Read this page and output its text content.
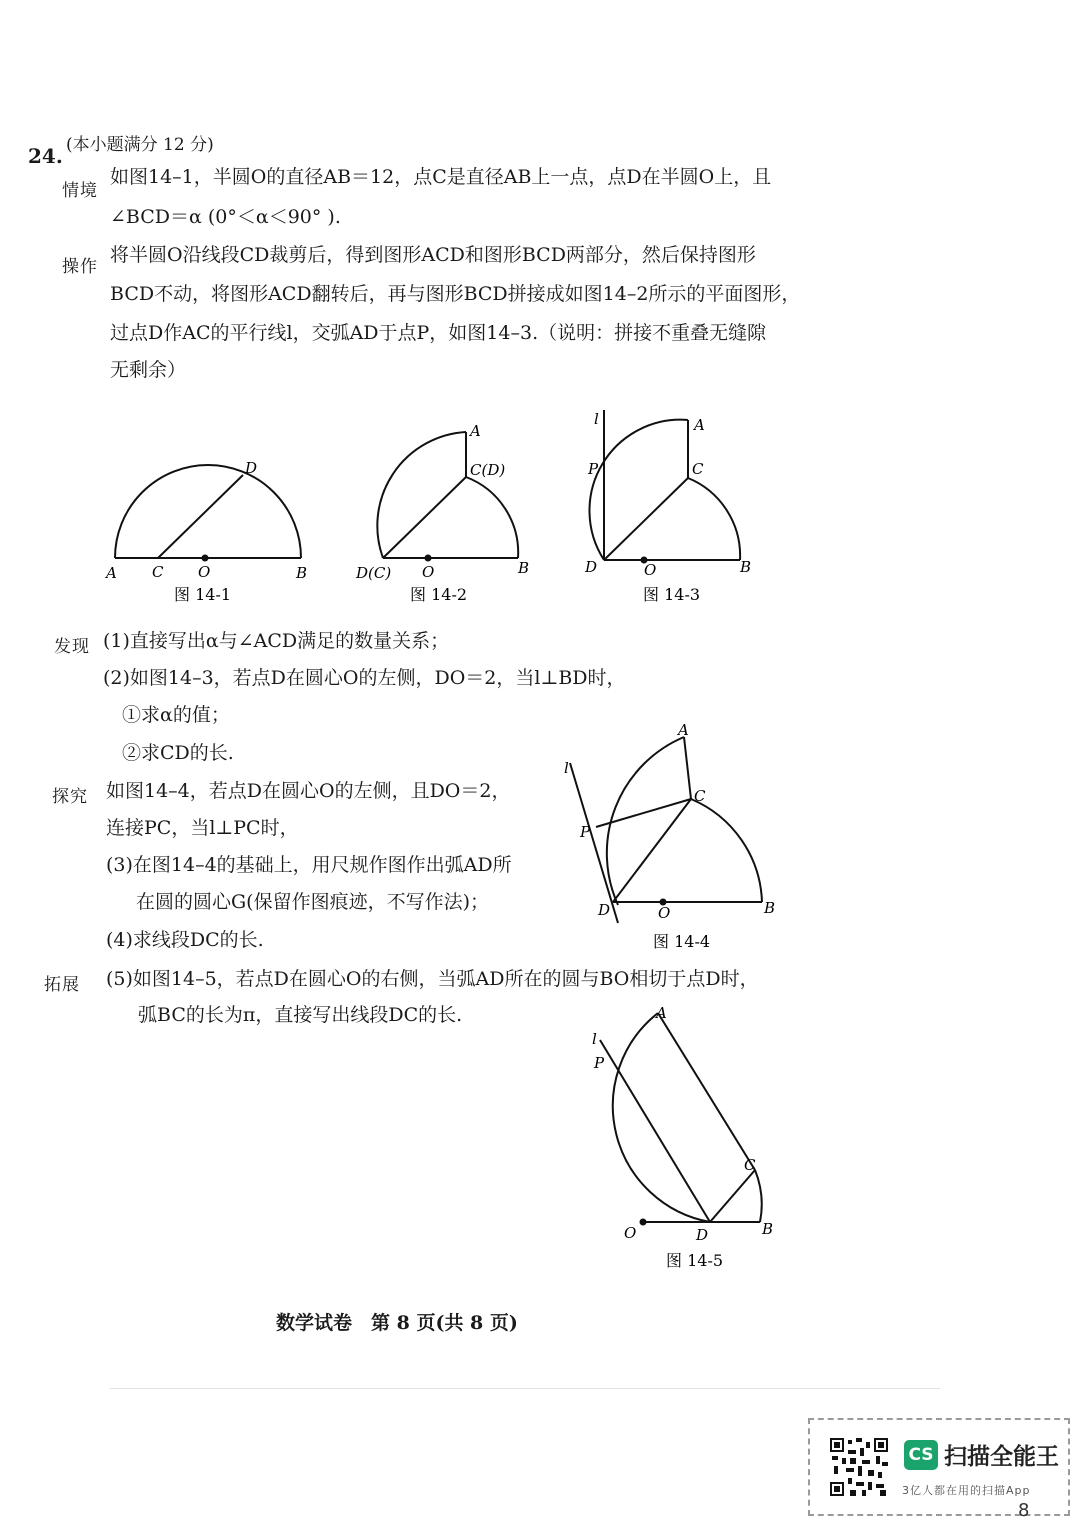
24. (本小题满分 12 分)
情境
如图14–1，半圆O的直径AB＝12，点C是直径AB上一点，点D在半圆O上，且
∠BCD＝α (0°＜α＜90° ).
操作
将半圆O沿线段CD裁剪后，得到图形ACD和图形BCD两部分，然后保持图形
BCD不动，将图形ACD翻转后，再与图形BCD拼接成如图14–2所示的平面图形，
过点D作AC的平行线l，交弧AD于点P，如图14–3.（说明：拼接不重叠无缝隙
无剩余）
A C O	B
D
图 14-1
A
C(D)
D(C) O	B
图 14-2
l	A
P	C
D	O	B
图 14-3
发现 (1)直接写出α与∠ACD满足的数量关系；
(2)如图14–3，若点D在圆心O的左侧，DO＝2，当l⊥BD时，
①求α的值；
②求CD的长.
探究 如图14–4，若点D在圆心O的左侧，且DO＝2，
连接PC，当l⊥PC时，
(3)在图14–4的基础上，用尺规作图作出弧AD所
在圆的圆心G(保留作图痕迹，不写作法)；
(4)求线段DC的长.
l
A
C
P
D	O	B
图 14-4
拓展 (5)如图14–5，若点D在圆心O的右侧，当弧AD所在的圆与BO相切于点D时，
弧BC的长为π，直接写出线段DC的长.
l
A
P
C
O	D	B
图 14-5
数学试卷　第 8 页(共 8 页)
CS 扫描全能王
3亿人都在用的扫描App
8
